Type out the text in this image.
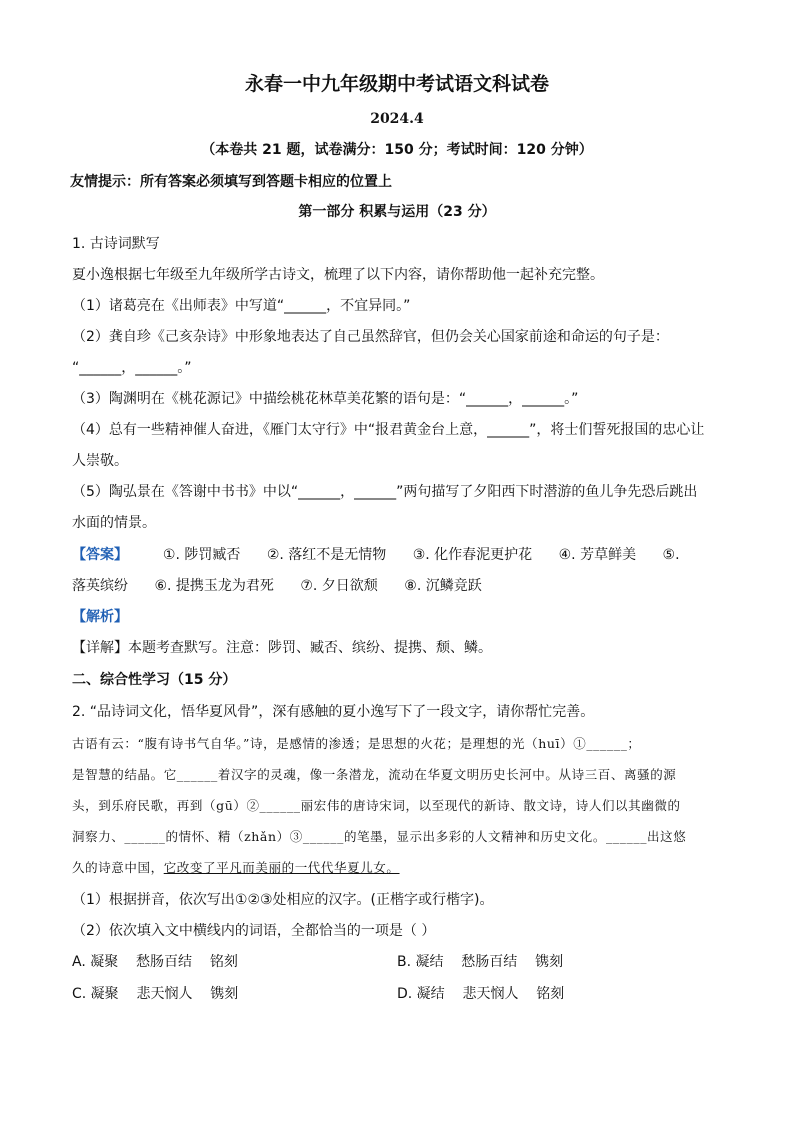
永春一中九年级期中考试语文科试卷
2024.4
（本卷共 21 题，试卷满分：150 分；考试时间：120 分钟）
友情提示：所有答案必须填写到答题卡相应的位置上
第一部分 积累与运用（23 分）
1. 古诗词默写
夏小逸根据七年级至九年级所学古诗文，梳理了以下内容，请你帮助他一起补充完整。
（1）诸葛亮在《出师表》中写道“______，不宜异同。”
（2）龚自珍《己亥杂诗》中形象地表达了自己虽然辞官，但仍会关心国家前途和命运的句子是：
“______，______。”
（3）陶渊明在《桃花源记》中描绘桃花林草美花繁的语句是：“______，______。”
（4）总有一些精神催人奋进，《雁门太守行》中“报君黄金台上意，______”，将士们誓死报国的忠心让
人崇敬。
（5）陶弘景在《答谢中书书》中以“______，______”两句描写了夕阳西下时潜游的鱼儿争先恐后跳出
水面的情景。
【答案】 ①. 陟罚臧否 ②. 落红不是无情物 ③. 化作春泥更护花 ④. 芳草鲜美 ⑤.
落英缤纷 ⑥. 提携玉龙为君死 ⑦. 夕日欲颓 ⑧. 沉鳞竞跃
【解析】
【详解】本题考查默写。注意：陟罚、臧否、缤纷、提携、颓、鳞。
二、综合性学习（15 分）
2. “品诗词文化，悟华夏风骨”，深有感触的夏小逸写下了一段文字，请你帮忙完善。
古语有云：“腹有诗书气自华。”诗，是感情的渗透；是思想的火花；是理想的光（huī）①______；
是智慧的结晶。它______着汉字的灵魂，像一条潜龙，流动在华夏文明历史长河中。从诗三百、离骚的源
头，到乐府民歌，再到（gū）②______丽宏伟的唐诗宋词，以至现代的新诗、散文诗，诗人们以其幽微的
洞察力、______的情怀、精（zhǎn）③______的笔墨，显示出多彩的人文精神和历史文化。______出这悠
久的诗意中国，它改变了平凡而美丽的一代代华夏儿女。
（1）根据拼音，依次写出①②③处相应的汉字。(正楷字或行楷字)。
（2）依次填入文中横线内的词语，全都恰当的一项是（ ）
A. 凝聚    愁肠百结    铭刻	B. 凝结    愁肠百结    镌刻
C. 凝聚    悲天悯人    镌刻	D. 凝结    悲天悯人    铭刻
